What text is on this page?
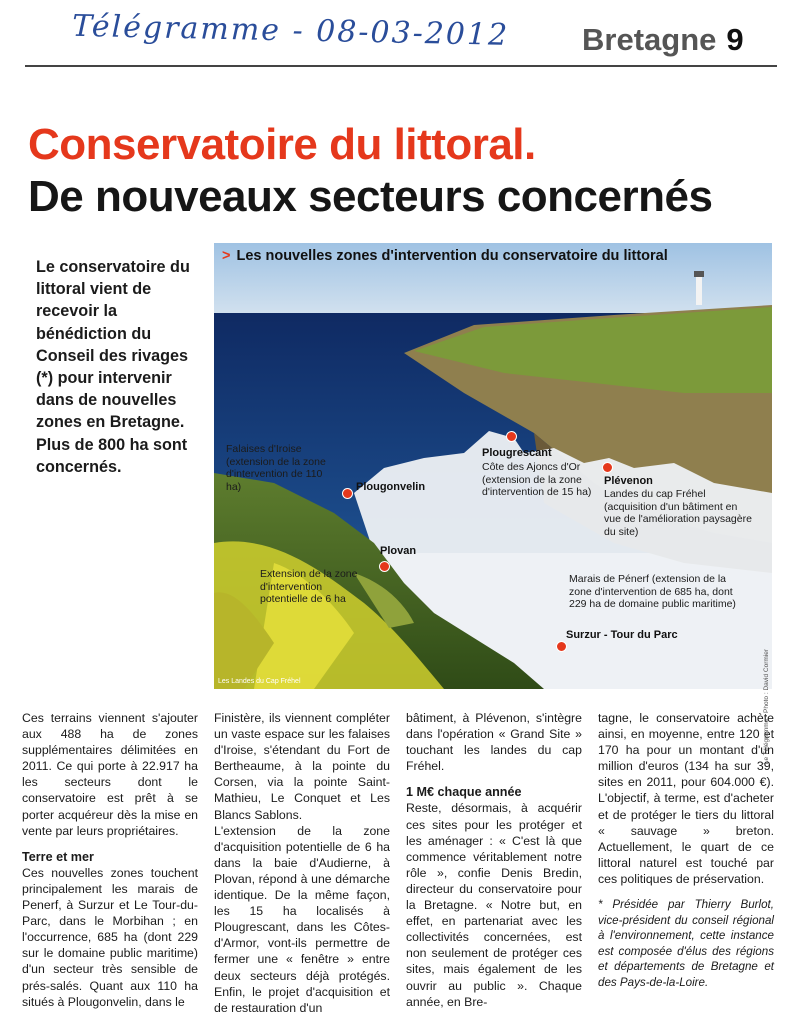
Télégramme - 08-03-2012	Bretagne 9
Conservatoire du littoral.
De nouveaux secteurs concernés
Le conservatoire du littoral vient de recevoir la bénédiction du Conseil des rivages (*) pour intervenir dans de nouvelles zones en Bretagne. Plus de 800 ha sont concernés.
> Les nouvelles zones d'intervention du conservatoire du littoral
Falaises d'Iroise (extension de la zone d'intervention de 110 ha)	Plougonvelin
Plougrescant
Côte des Ajoncs d'Or (extension de la zone d'intervention de 15 ha)
Plévenon
Landes du cap Fréhel (acquisition d'un bâtiment en vue de l'amélioration paysagère du site)
Plovan
Extension de la zone d'intervention potentielle de 6 ha
Marais de Pénerf (extension de la zone d'intervention de 685 ha, dont 229 ha de domaine public maritime)
Surzur - Tour du Parc
Les Landes du Cap Fréhel	Le Télégramme - Photo : David Cormier

Ces terrains viennent s'ajouter aux 488 ha de zones supplémentaires délimitées en 2011. Ce qui porte à 22.917 ha les secteurs dont le conservatoire est prêt à se porter acquéreur dès la mise en vente par leurs propriétaires.

Terre et mer

Ces nouvelles zones touchent principalement les marais de Penerf, à Surzur et Le Tour-du-Parc, dans le Morbihan ; en l'occurrence, 685 ha (dont 229 sur le domaine public maritime) d'un secteur très sensible de prés-salés. Quant aux 110 ha situés à Plougonvelin, dans le

Finistère, ils viennent compléter un vaste espace sur les falaises d'Iroise, s'étendant du Fort de Bertheaume, à la pointe du Corsen, via la pointe Saint-Mathieu, Le Conquet et Les Blancs Sablons.

L'extension de la zone d'acquisition potentielle de 6 ha dans la baie d'Audierne, à Plovan, répond à une démarche identique. De la même façon, les 15 ha localisés à Plougrescant, dans les Côtes-d'Armor, vont-ils permettre de fermer une « fenêtre » entre deux secteurs déjà protégés. Enfin, le projet d'acquisition et de restauration d'un

bâtiment, à Plévenon, s'intègre dans l'opération « Grand Site » touchant les landes du cap Fréhel.

1 M€ chaque année

Reste, désormais, à acquérir ces sites pour les protéger et les aménager : « C'est là que commence véritablement notre rôle », confie Denis Bredin, directeur du conservatoire pour la Bretagne. « Notre but, en effet, en partenariat avec les collectivités concernées, est non seulement de protéger ces sites, mais également de les ouvrir au public ». Chaque année, en Bre-

tagne, le conservatoire achète ainsi, en moyenne, entre 120 et 170 ha pour un montant d'un million d'euros (134 ha sur 39, sites en 2011, pour 604.000 €). L'objectif, à terme, est d'acheter et de protéger le tiers du littoral « sauvage » breton. Actuellement, le quart de ce littoral naturel est touché par ces politiques de préservation.

* Présidée par Thierry Burlot, vice-président du conseil régional à l'environnement, cette instance est composée d'élus des régions et départements de Bretagne et des Pays-de-la-Loire.
